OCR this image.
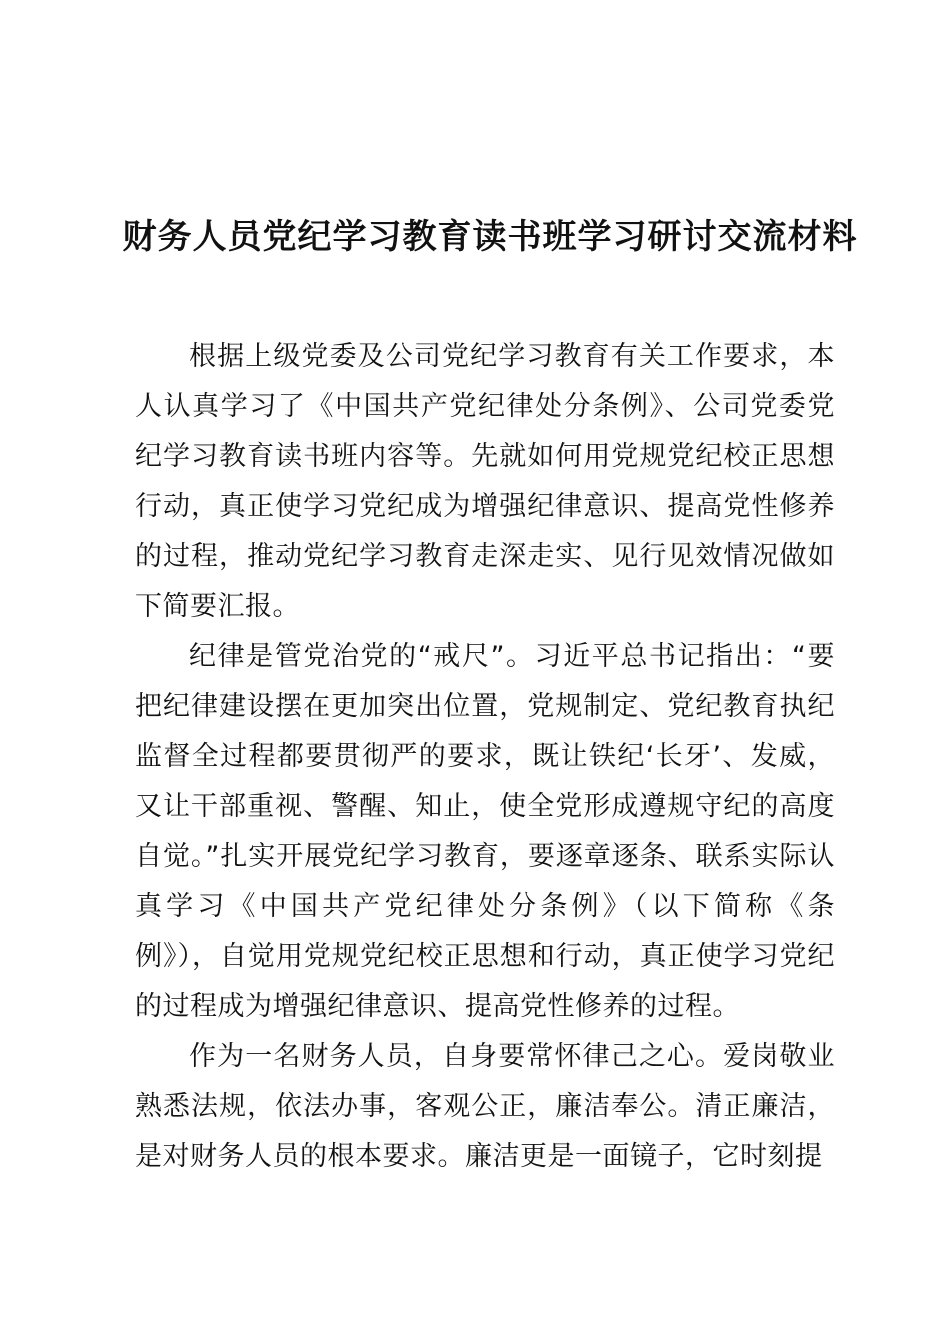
财务人员党纪学习教育读书班学习研讨交流材料

根据上级党委及公司党纪学习教育有关工作要求，本人认真学习了《中国共产党纪律处分条例》、公司党委党纪学习教育读书班内容等。先就如何用党规党纪校正思想行动，真正使学习党纪成为增强纪律意识、提高党性修养的过程，推动党纪学习教育走深走实、见行见效情况做如下简要汇报。

纪律是管党治党的“戒尺”。习近平总书记指出：“要把纪律建设摆在更加突出位置，党规制定、党纪教育执纪监督全过程都要贯彻严的要求，既让铁纪‘长牙’、发威，又让干部重视、警醒、知止，使全党形成遵规守纪的高度自觉。”扎实开展党纪学习教育，要逐章逐条、联系实际认真学习《中国共产党纪律处分条例》（以下简称《条例》），自觉用党规党纪校正思想和行动，真正使学习党纪的过程成为增强纪律意识、提高党性修养的过程。

作为一名财务人员，自身要常怀律己之心。爱岗敬业熟悉法规，依法办事，客观公正，廉洁奉公。清正廉洁，是对财务人员的根本要求。廉洁更是一面镜子，它时刻提
